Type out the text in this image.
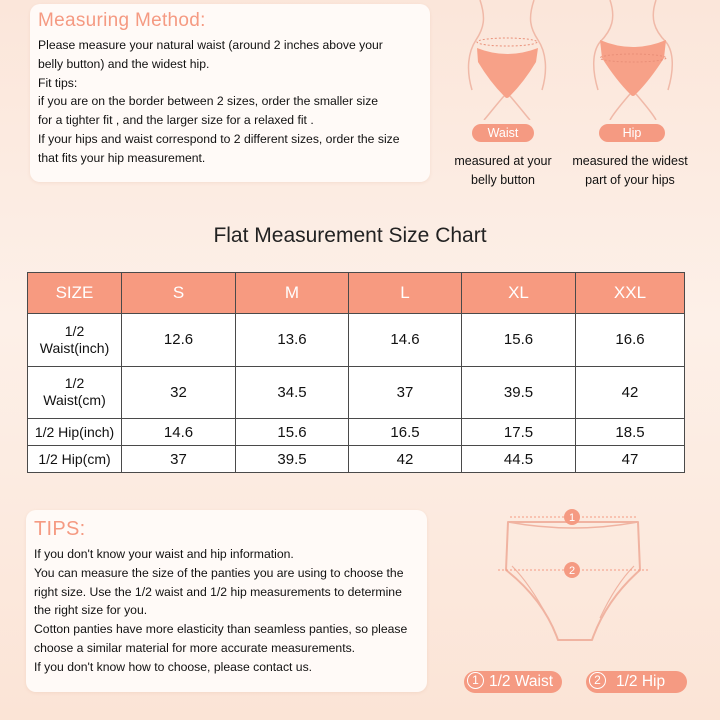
Measuring Method:
Please measure your natural waist (around 2 inches above your
belly button) and the widest hip.
Fit tips:
if you are on the border between 2 sizes, order the smaller size
for a tighter fit , and the larger size for a relaxed fit .
If your hips and waist correspond to 2 different sizes, order the size
that fits your hip measurement.
Waist	Hip
measured at your
belly button
measured the widest
part of your hips
Flat Measurement Size Chart
SIZE	S	M	L	XL	XXL

1/2
Waist(inch)	12.6	13.6	14.6	15.6	16.6

1/2
Waist(cm)	32	34.5	37	39.5	42
1/2 Hip(inch)	14.6	15.6	16.5	17.5	18.5
1/2 Hip(cm)	37	39.5	42	44.5	47
TIPS:
If you don't know your waist and hip information.
You can measure the size of the panties you are using to choose the
right size. Use the 1/2 waist and 1/2 hip measurements to determine
the right size for you.
Cotton panties have more elasticity than seamless panties, so please
choose a similar material for more accurate measurements.
If you don't know how to choose, please contact us.
1
2
1 1/2 Waist	2 1/2 Hip
